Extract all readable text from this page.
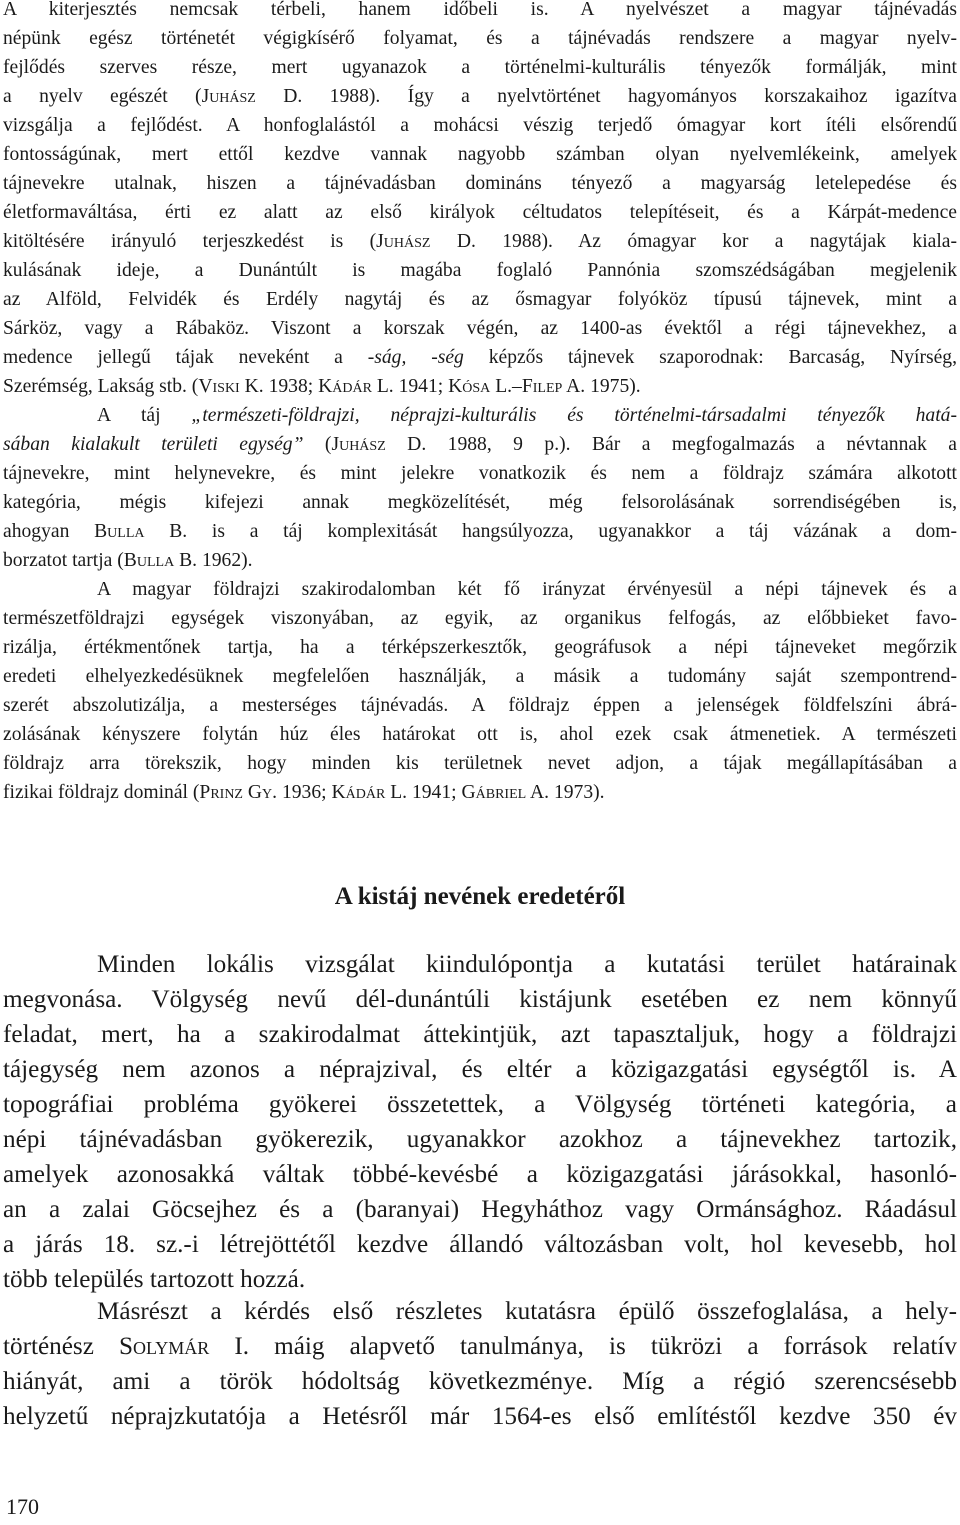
A kiterjesztés nemcsak térbeli, hanem időbeli is. A nyelvészet a magyar tájnévadás
népünk egész történetét végigkísérő folyamat, és a tájnévadás rendszere a magyar nyelv-
fejlődés szerves része, mert ugyanazok a történelmi-kulturális tényezők formálják, mint
a nyelv egészét (Juhász D. 1988). Így a nyelvtörténet hagyományos korszakaihoz igazítva
vizsgálja a fejlődést. A honfoglalástól a mohácsi vészig terjedő ómagyar kort ítéli elsőrendű
fontosságúnak, mert ettől kezdve vannak nagyobb számban olyan nyelvemlékeink, amelyek
tájnevekre utalnak, hiszen a tájnévadásban domináns tényező a magyarság letelepedése és
életformaváltása, érti ez alatt az első királyok céltudatos telepítéseit, és a Kárpát-medence
kitöltésére irányuló terjeszkedést is (Juhász D. 1988). Az ómagyar kor a nagytájak kiala-
kulásának ideje, a Dunántúlt is magába foglaló Pannónia szomszédságában megjelenik
az Alföld, Felvidék és Erdély nagytáj és az ősmagyar folyóköz típusú tájnevek, mint a
Sárköz, vagy a Rábaköz. Viszont a korszak végén, az 1400-as évektől a régi tájnevekhez, a
medence jellegű tájak neveként a -ság, -ség képzős tájnevek szaporodnak: Barcaság, Nyírség,
Szerémség, Lakság stb. (Viski K. 1938; Kádár L. 1941; Kósa L.–Filep A. 1975).
A táj „természeti-földrajzi, néprajzi-kulturális és történelmi-társadalmi tényezők hatá-
sában kialakult területi egység” (Juhász D. 1988, 9 p.). Bár a megfogalmazás a névtannak a
tájnevekre, mint helynevekre, és mint jelekre vonatkozik és nem a földrajz számára alkotott
kategória, mégis kifejezi annak megközelítését, még felsorolásának sorrendiségében is,
ahogyan Bulla B. is a táj komplexitását hangsúlyozza, ugyanakkor a táj vázának a dom-
borzatot tartja (Bulla B. 1962).
A magyar földrajzi szakirodalomban két fő irányzat érvényesül a népi tájnevek és a
természetföldrajzi egységek viszonyában, az egyik, az organikus felfogás, az előbbieket favo-
rizálja, értékmentőnek tartja, ha a térképszerkesztők, geográfusok a népi tájneveket megőrzik
eredeti elhelyezkedésüknek megfelelően használják, a másik a tudomány saját szempontrend-
szerét abszolutizálja, a mesterséges tájnévadás. A földrajz éppen a jelenségek földfelszíni ábrá-
zolásának kényszere folytán húz éles határokat ott is, ahol ezek csak átmenetiek. A természeti
földrajz arra törekszik, hogy minden kis területnek nevet adjon, a tájak megállapításában a
fizikai földrajz dominál (Prinz Gy. 1936; Kádár L. 1941; Gábriel A. 1973).
A kistáj nevének eredetéről
Minden lokális vizsgálat kiindulópontja a kutatási terület határainak
megvonása. Völgység nevű dél-dunántúli kistájunk esetében ez nem könnyű
feladat, mert, ha a szakirodalmat áttekintjük, azt tapasztaljuk, hogy a földrajzi
tájegység nem azonos a néprajzival, és eltér a közigazgatási egységtől is. A
topográfiai probléma gyökerei összetettek, a Völgység történeti kategória, a
népi tájnévadásban gyökerezik, ugyanakkor azokhoz a tájnevekhez tartozik,
amelyek azonosakká váltak többé-kevésbé a közigazgatási járásokkal, hasonló-
an a zalai Göcsejhez és a (baranyai) Hegyháthoz vagy Ormánsághoz. Ráadásul
a járás 18. sz.-i létrejöttétől kezdve állandó változásban volt, hol kevesebb, hol
több település tartozott hozzá.
Másrészt a kérdés első részletes kutatásra épülő összefoglalása, a hely-
történész Solymár I. máig alapvető tanulmánya, is tükrözi a források relatív
hiányát, ami a török hódoltság következménye. Míg a régió szerencsésebb
helyzetű néprajzkutatója a Hetésről már 1564-es első említéstől kezdve 350 év
170
